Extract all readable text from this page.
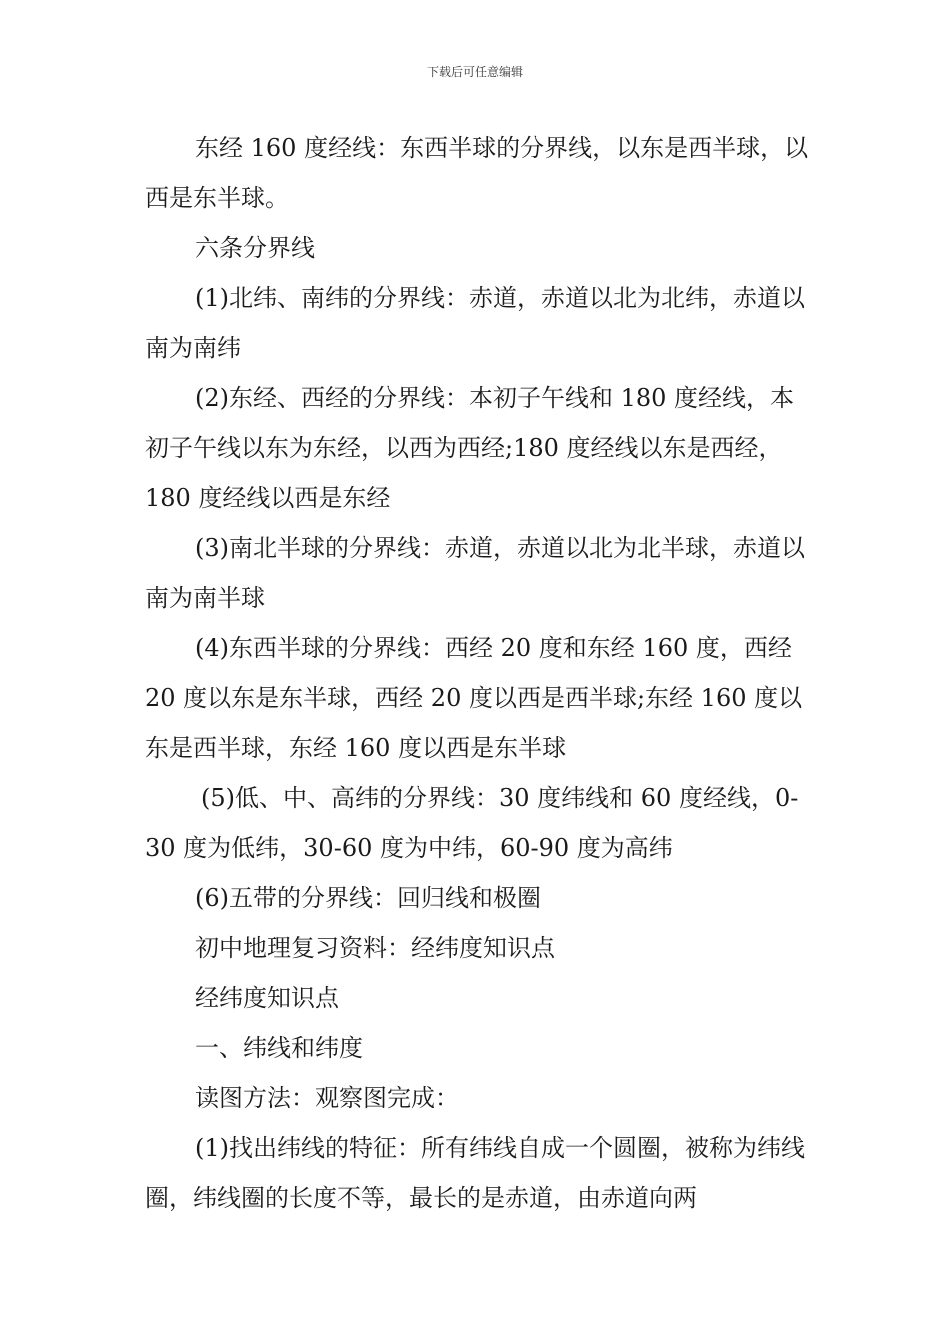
下载后可任意编辑

东经 160 度经线：东西半球的分界线，以东是西半球，以西是东半球。

六条分界线

(1)北纬、南纬的分界线：赤道，赤道以北为北纬，赤道以南为南纬

(2)东经、西经的分界线：本初子午线和 180 度经线，本初子午线以东为东经，以西为西经;180 度经线以东是西经，180 度经线以西是东经

(3)南北半球的分界线：赤道，赤道以北为北半球，赤道以南为南半球

(4)东西半球的分界线：西经 20 度和东经 160 度，西经 20 度以东是东半球，西经 20 度以西是西半球;东经 160 度以东是西半球，东经 160 度以西是东半球

(5)低、中、高纬的分界线：30 度纬线和 60 度经线，0-30 度为低纬，30-60 度为中纬，60-90 度为高纬

(6)五带的分界线：回归线和极圈

初中地理复习资料：经纬度知识点

经纬度知识点

一、纬线和纬度

读图方法：观察图完成：

(1)找出纬线的特征：所有纬线自成一个圆圈，被称为纬线圈，纬线圈的长度不等，最长的是赤道，由赤道向两
